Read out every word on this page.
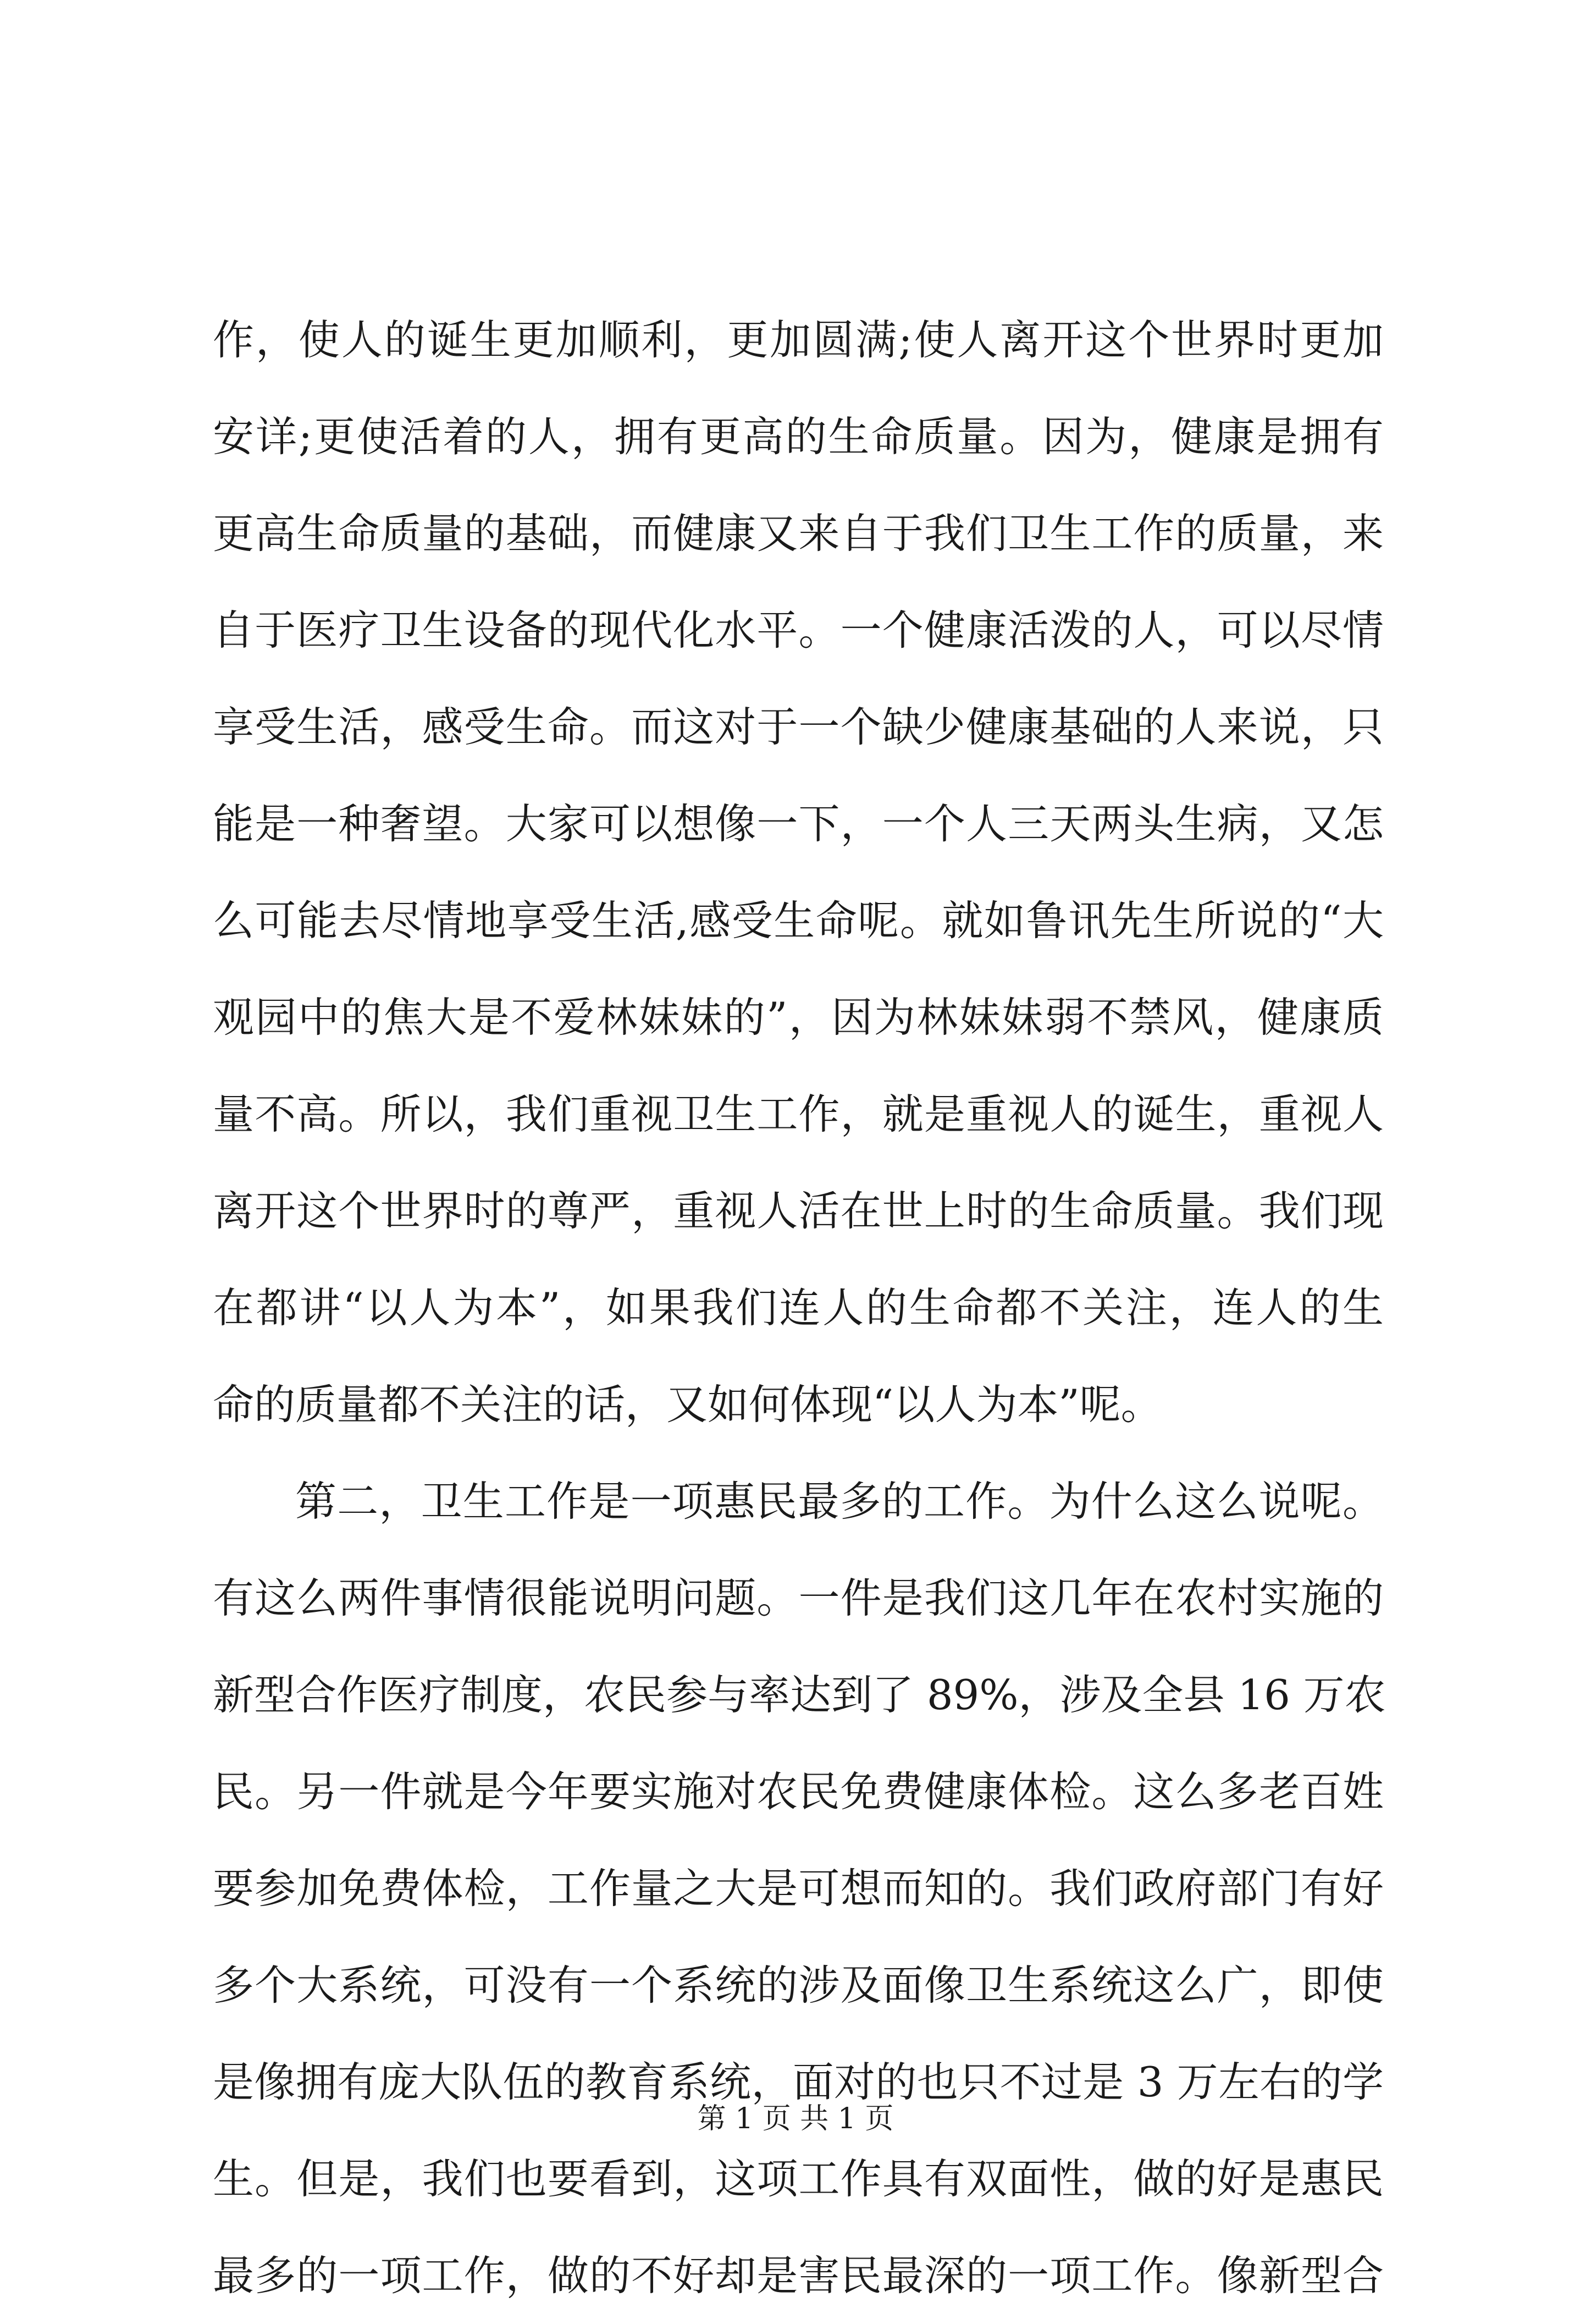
作，使人的诞生更加顺利，更加圆满;使人离开这个世界时更加
安详;更使活着的人，拥有更高的生命质量。因为，健康是拥有
更高生命质量的基础，而健康又来自于我们卫生工作的质量，来
自于医疗卫生设备的现代化水平。一个健康活泼的人，可以尽情
享受生活，感受生命。而这对于一个缺少健康基础的人来说，只
能是一种奢望。大家可以想像一下，一个人三天两头生病，又怎
么可能去尽情地享受生活,感受生命呢。就如鲁讯先生所说的“大
观园中的焦大是不爱林妹妹的”，因为林妹妹弱不禁风，健康质
量不高。所以，我们重视卫生工作，就是重视人的诞生，重视人
离开这个世界时的尊严，重视人活在世上时的生命质量。我们现
在都讲“以人为本”，如果我们连人的生命都不关注，连人的生
命的质量都不关注的话，又如何体现“以人为本”呢。
第二，卫生工作是一项惠民最多的工作。为什么这么说呢。
有这么两件事情很能说明问题。一件是我们这几年在农村实施的
新型合作医疗制度，农民参与率达到了 89%，涉及全县 16 万农
民。另一件就是今年要实施对农民免费健康体检。这么多老百姓
要参加免费体检，工作量之大是可想而知的。我们政府部门有好
多个大系统，可没有一个系统的涉及面像卫生系统这么广，即使
是像拥有庞大队伍的教育系统，面对的也只不过是 3 万左右的学
生。但是，我们也要看到，这项工作具有双面性，做的好是惠民
最多的一项工作，做的不好却是害民最深的一项工作。像新型合
第 1 页 共 1 页
